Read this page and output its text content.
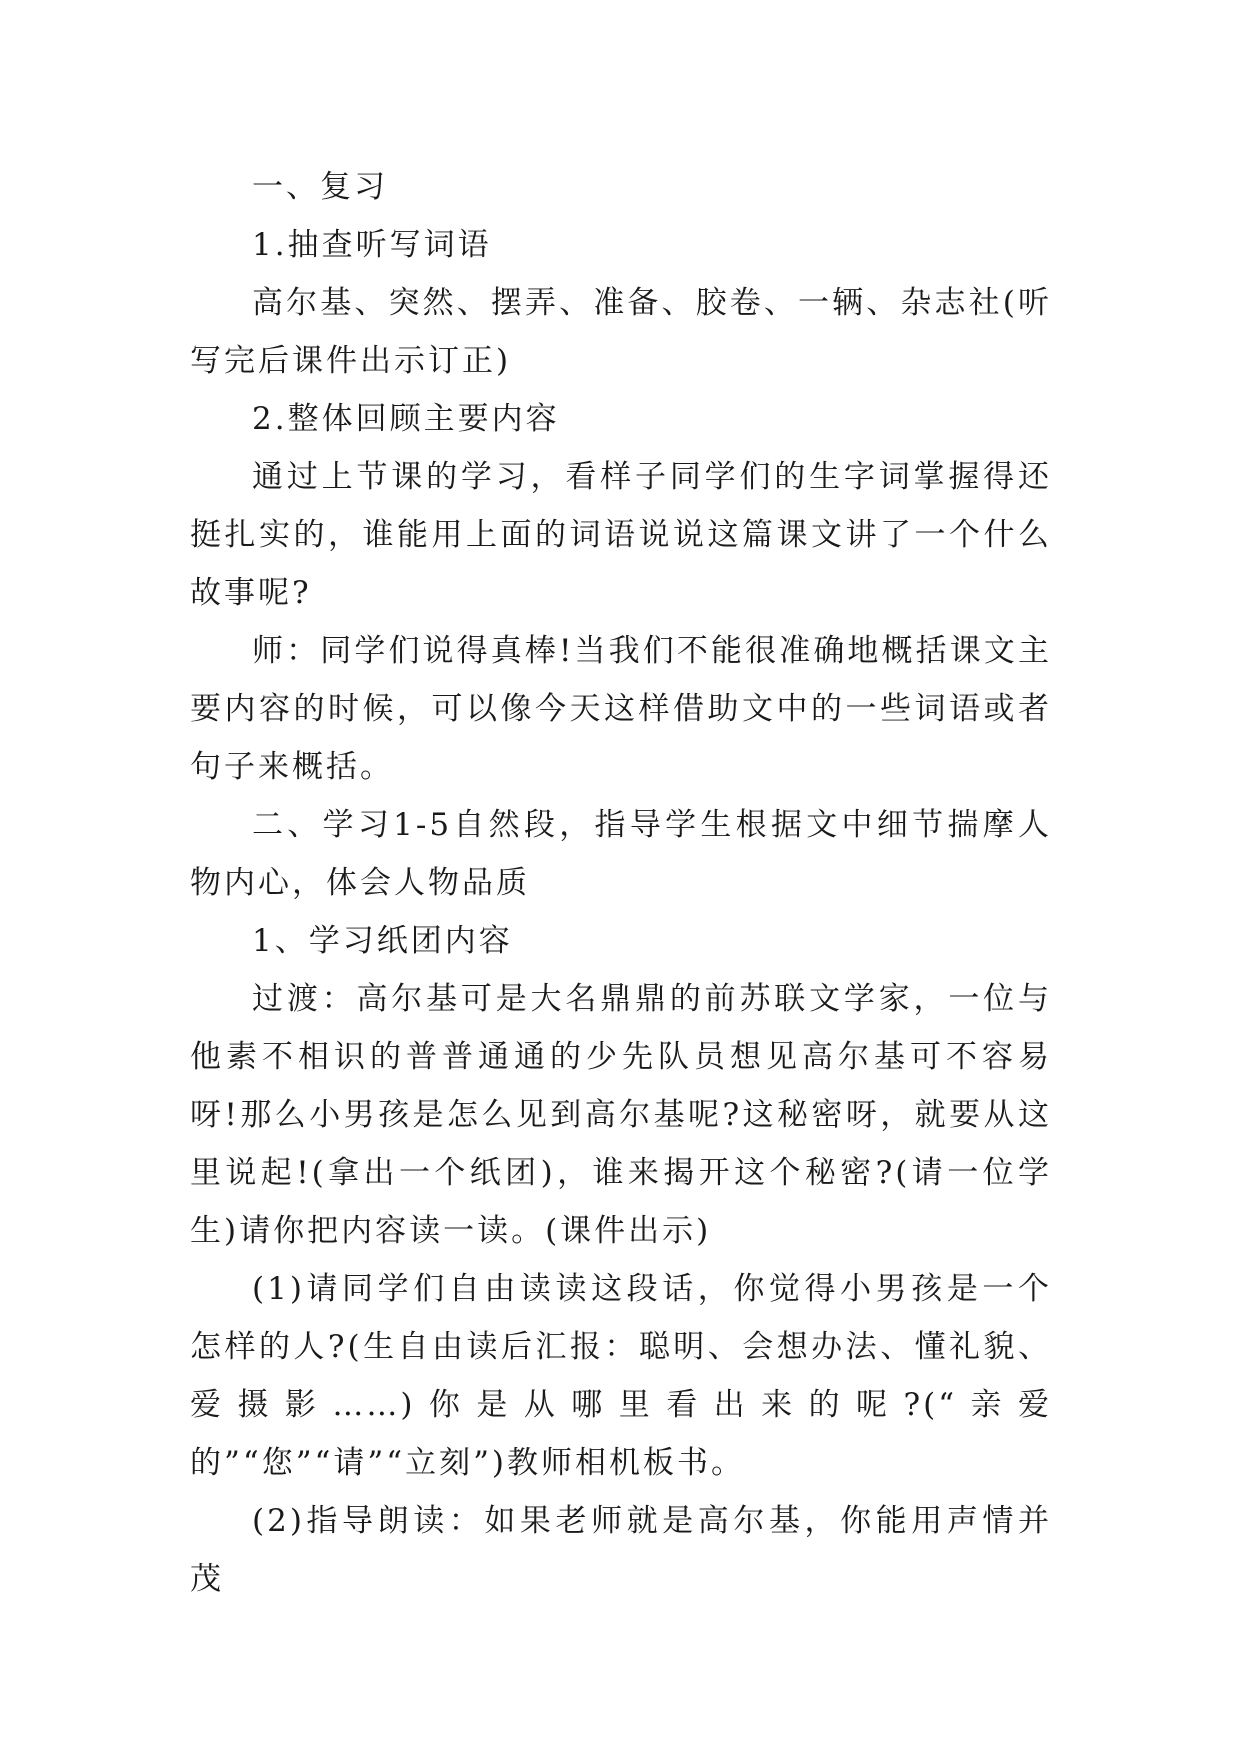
一、复习

1.抽查听写词语

高尔基、突然、摆弄、准备、胶卷、一辆、杂志社(听写完后课件出示订正)

2.整体回顾主要内容

通过上节课的学习，看样子同学们的生字词掌握得还挺扎实的，谁能用上面的词语说说这篇课文讲了一个什么故事呢?

师：同学们说得真棒!当我们不能很准确地概括课文主要内容的时候，可以像今天这样借助文中的一些词语或者句子来概括。

二、学习1-5自然段，指导学生根据文中细节揣摩人物内心，体会人物品质

1、学习纸团内容

过渡：高尔基可是大名鼎鼎的前苏联文学家，一位与他素不相识的普普通通的少先队员想见高尔基可不容易呀!那么小男孩是怎么见到高尔基呢?这秘密呀，就要从这里说起!(拿出一个纸团)，谁来揭开这个秘密?(请一位学生)请你把内容读一读。(课件出示)

(1)请同学们自由读读这段话，你觉得小男孩是一个怎样的人?(生自由读后汇报：聪明、会想办法、懂礼貌、爱摄影……)你是从哪里看出来的呢?(“亲爱的”“您”“请”“立刻”)教师相机板书。

(2)指导朗读：如果老师就是高尔基，你能用声情并茂
